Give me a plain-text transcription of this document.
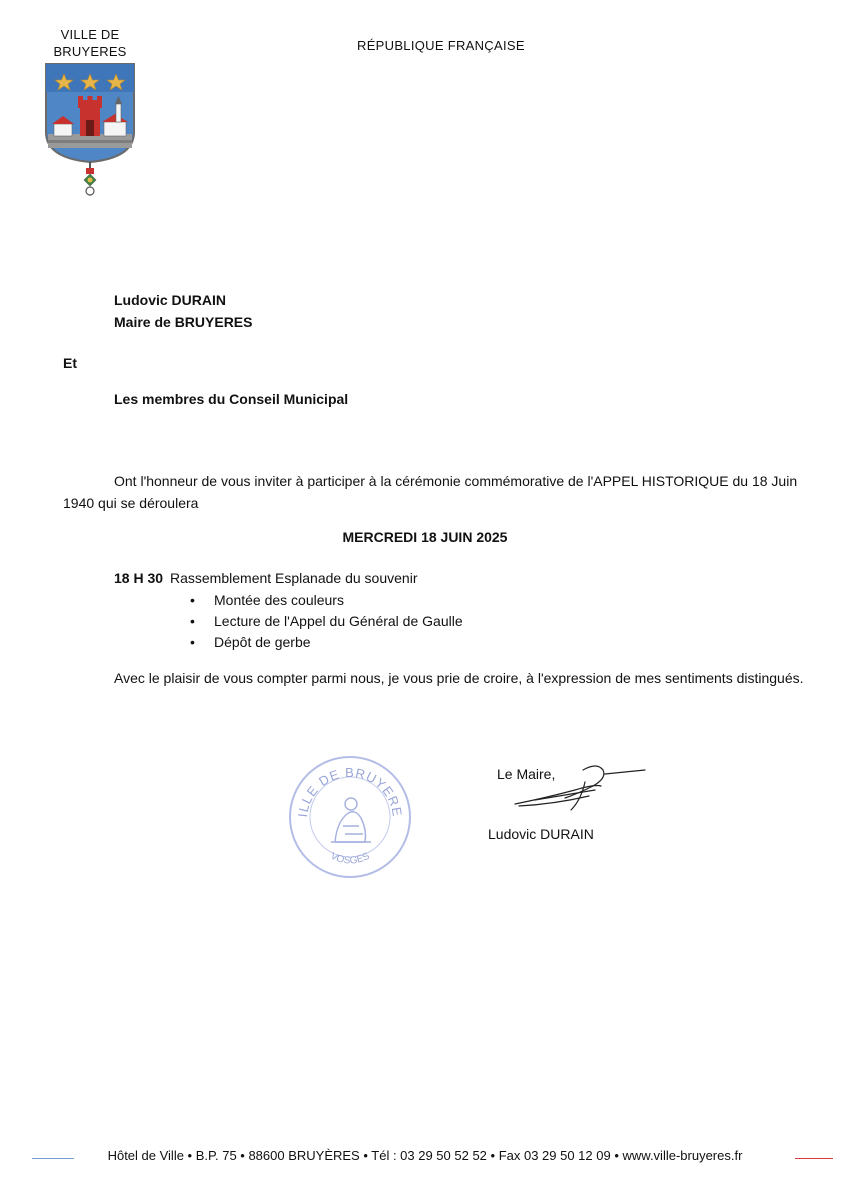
VILLE DE
BRUYERES	RÉPUBLIQUE FRANÇAISE
Ludovic DURAIN
Maire de BRUYERES
Et
Les membres du Conseil Municipal
Ont l'honneur de vous inviter à participer à la cérémonie commémorative de l'APPEL HISTORIQUE du 18 Juin 1940 qui se déroulera
MERCREDI 18 JUIN 2025
18 H 30 Rassemblement Esplanade du souvenir
• Montée des couleurs
• Lecture de l'Appel du Général de Gaulle
• Dépôt de gerbe
Avec le plaisir de vous compter parmi nous, je vous prie de croire, à l'expression de mes sentiments distingués.
ILLE DE BRUYERE
VOSGES
Le Maire,
Ludovic DURAIN
Hôtel de Ville • B.P. 75 • 88600 BRUYÈRES • Tél : 03 29 50 52 52 • Fax 03 29 50 12 09 • www.ville-bruyeres.fr
